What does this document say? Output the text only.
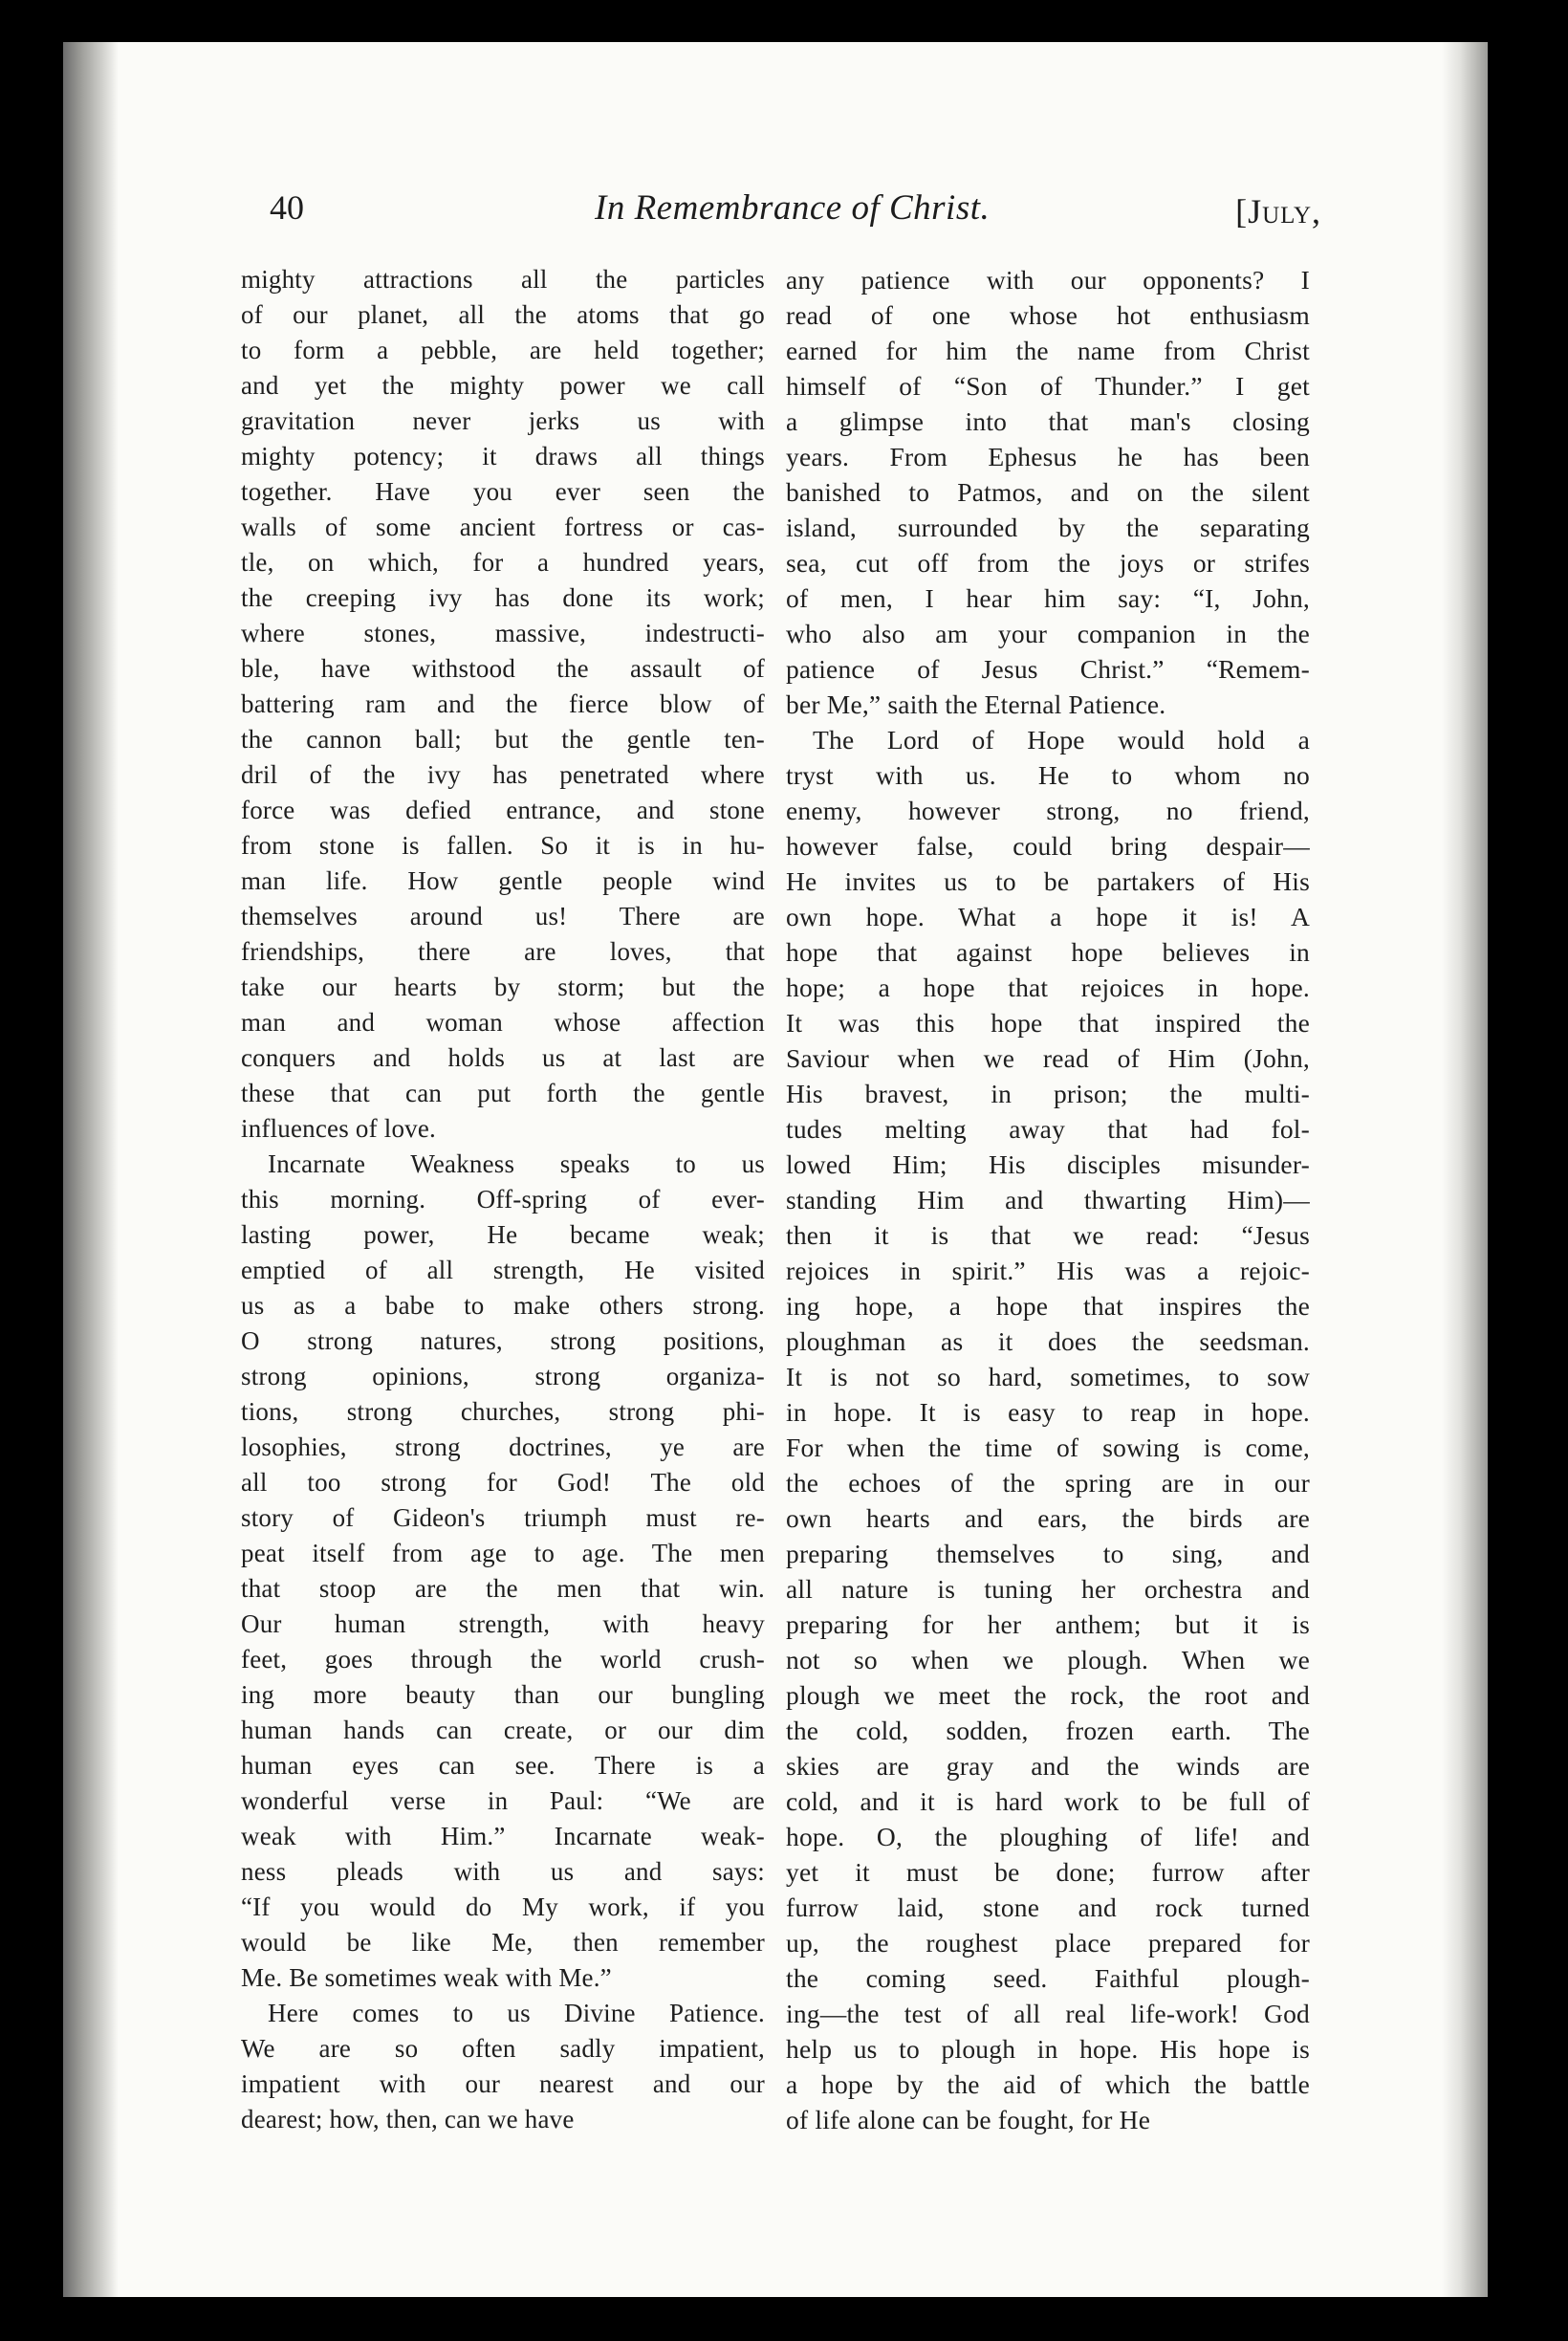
40	In Remembrance of Christ.	[July,
mighty attractions all the particles
of our planet, all the atoms that go
to form a pebble, are held together;
and yet the mighty power we call
gravitation never jerks us with
mighty potency; it draws all things
together. Have you ever seen the
walls of some ancient fortress or cas-
tle, on which, for a hundred years,
the creeping ivy has done its work;
where stones, massive, indestructi-
ble, have withstood the assault of
battering ram and the fierce blow of
the cannon ball; but the gentle ten-
dril of the ivy has penetrated where
force was defied entrance, and stone
from stone is fallen. So it is in hu-
man life. How gentle people wind
themselves around us! There are
friendships, there are loves, that
take our hearts by storm; but the
man and woman whose affection
conquers and holds us at last are
these that can put forth the gentle
influences of love.
Incarnate Weakness speaks to us
this morning. Off-spring of ever-
lasting power, He became weak;
emptied of all strength, He visited
us as a babe to make others strong.
O strong natures, strong positions,
strong opinions, strong organiza-
tions, strong churches, strong phi-
losophies, strong doctrines, ye are
all too strong for God! The old
story of Gideon's triumph must re-
peat itself from age to age. The men
that stoop are the men that win.
Our human strength, with heavy
feet, goes through the world crush-
ing more beauty than our bungling
human hands can create, or our dim
human eyes can see. There is a
wonderful verse in Paul: “We are
weak with Him.” Incarnate weak-
ness pleads with us and says:
“If you would do My work, if you
would be like Me, then remember
Me. Be sometimes weak with Me.”
Here comes to us Divine Patience.
We are so often sadly impatient,
impatient with our nearest and our
dearest; how, then, can we have
any patience with our opponents? I
read of one whose hot enthusiasm
earned for him the name from Christ
himself of “Son of Thunder.” I get
a glimpse into that man's closing
years. From Ephesus he has been
banished to Patmos, and on the silent
island, surrounded by the separating
sea, cut off from the joys or strifes
of men, I hear him say: “I, John,
who also am your companion in the
patience of Jesus Christ.” “Remem-
ber Me,” saith the Eternal Patience.
The Lord of Hope would hold a
tryst with us. He to whom no
enemy, however strong, no friend,
however false, could bring despair—
He invites us to be partakers of His
own hope. What a hope it is! A
hope that against hope believes in
hope; a hope that rejoices in hope.
It was this hope that inspired the
Saviour when we read of Him (John,
His bravest, in prison; the multi-
tudes melting away that had fol-
lowed Him; His disciples misunder-
standing Him and thwarting Him)—
then it is that we read: “Jesus
rejoices in spirit.” His was a rejoic-
ing hope, a hope that inspires the
ploughman as it does the seedsman.
It is not so hard, sometimes, to sow
in hope. It is easy to reap in hope.
For when the time of sowing is come,
the echoes of the spring are in our
own hearts and ears, the birds are
preparing themselves to sing, and
all nature is tuning her orchestra and
preparing for her anthem; but it is
not so when we plough. When we
plough we meet the rock, the root and
the cold, sodden, frozen earth. The
skies are gray and the winds are
cold, and it is hard work to be full of
hope. O, the ploughing of life! and
yet it must be done; furrow after
furrow laid, stone and rock turned
up, the roughest place prepared for
the coming seed. Faithful plough-
ing—the test of all real life-work! God
help us to plough in hope. His hope is
a hope by the aid of which the battle
of life alone can be fought, for He
